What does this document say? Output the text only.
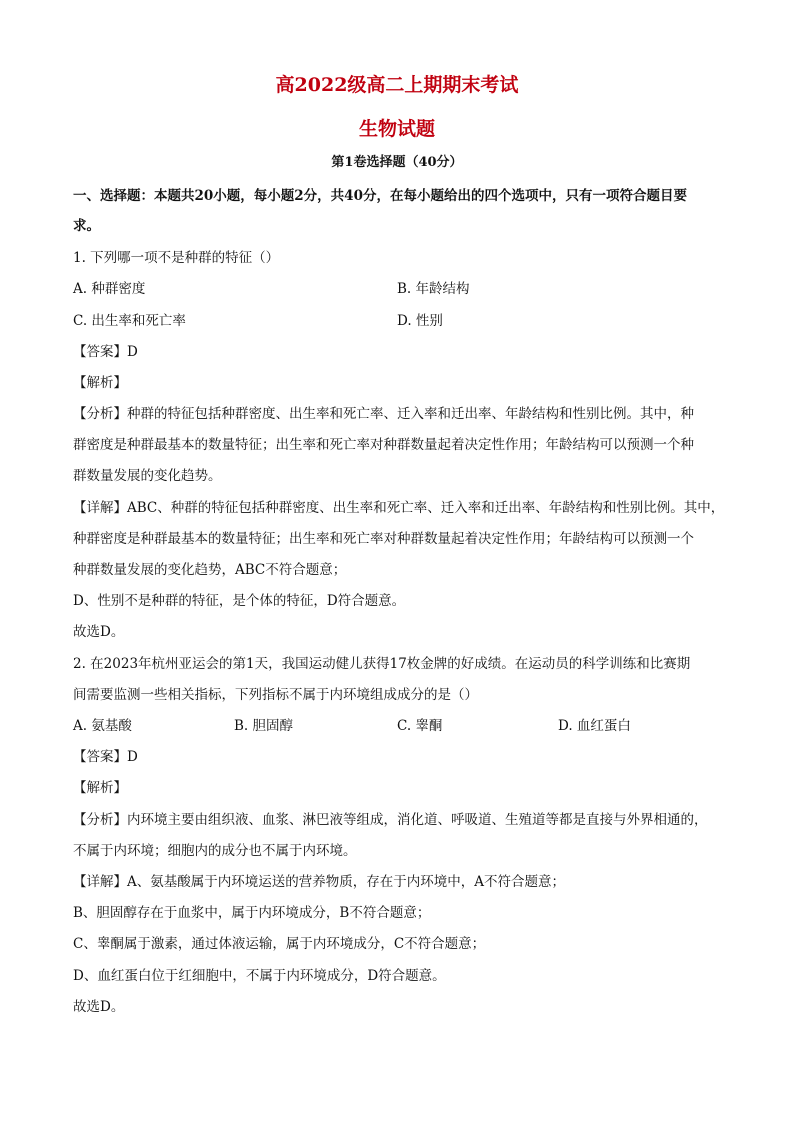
高2022级高二上期期末考试
生物试题
第1卷选择题（40分）
一、选择题：本题共20小题，每小题2分，共40分，在每小题给出的四个选项中，只有一项符合题目要
求。
1. 下列哪一项不是种群的特征（）
A. 种群密度	B. 年龄结构
C. 出生率和死亡率	D. 性别
【答案】D
【解析】
【分析】种群的特征包括种群密度、出生率和死亡率、迁入率和迁出率、年龄结构和性别比例。其中，种
群密度是种群最基本的数量特征；出生率和死亡率对种群数量起着决定性作用；年龄结构可以预测一个种
群数量发展的变化趋势。
【详解】ABC、种群的特征包括种群密度、出生率和死亡率、迁入率和迁出率、年龄结构和性别比例。其中，
种群密度是种群最基本的数量特征；出生率和死亡率对种群数量起着决定性作用；年龄结构可以预测一个
种群数量发展的变化趋势，ABC不符合题意；
D、性别不是种群的特征，是个体的特征，D符合题意。
故选D。
2. 在2023年杭州亚运会的第1天，我国运动健儿获得17枚金牌的好成绩。在运动员的科学训练和比赛期
间需要监测一些相关指标，下列指标不属于内环境组成成分的是（）
A. 氨基酸	B. 胆固醇	C. 睾酮	D. 血红蛋白
【答案】D
【解析】
【分析】内环境主要由组织液、血浆、淋巴液等组成，消化道、呼吸道、生殖道等都是直接与外界相通的，
不属于内环境；细胞内的成分也不属于内环境。
【详解】A、氨基酸属于内环境运送的营养物质，存在于内环境中，A不符合题意；
B、胆固醇存在于血浆中，属于内环境成分，B不符合题意；
C、睾酮属于激素，通过体液运输，属于内环境成分，C不符合题意；
D、血红蛋白位于红细胞中，不属于内环境成分，D符合题意。
故选D。
